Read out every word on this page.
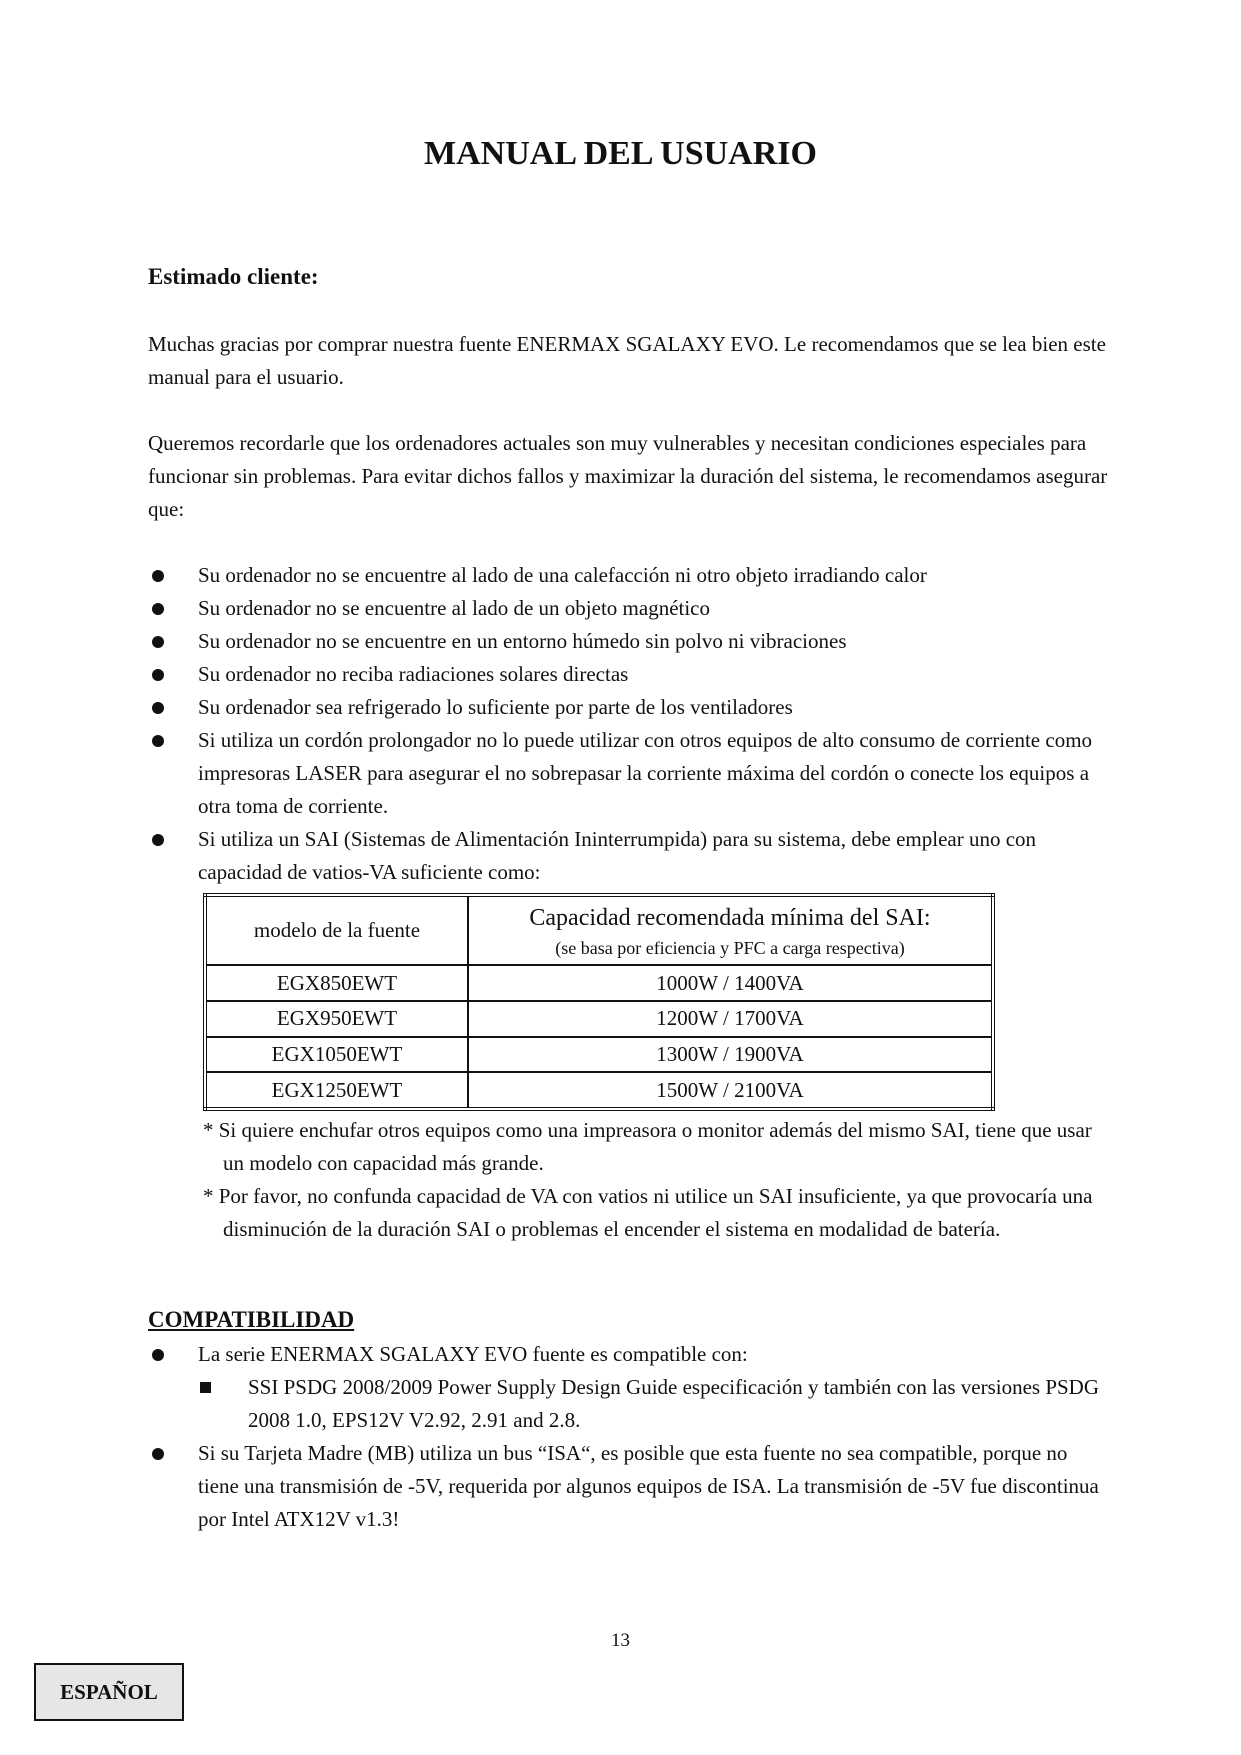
MANUAL DEL USUARIO
Estimado cliente:
Muchas gracias por comprar nuestra fuente ENERMAX SGALAXY EVO. Le recomendamos que se lea bien este manual para el usuario.
Queremos recordarle que los ordenadores actuales son muy vulnerables y necesitan condiciones especiales para funcionar sin problemas. Para evitar dichos fallos y maximizar la duración del sistema, le recomendamos asegurar que:
Su ordenador no se encuentre al lado de una calefacción ni otro objeto irradiando calor
Su ordenador no se encuentre al lado de un objeto magnético
Su ordenador no se encuentre en un entorno húmedo sin polvo ni vibraciones
Su ordenador no reciba radiaciones solares directas
Su ordenador sea refrigerado lo suficiente por parte de los ventiladores
Si utiliza un cordón prolongador no lo puede utilizar con otros equipos de alto consumo de corriente como impresoras LASER para asegurar el no sobrepasar la corriente máxima del cordón o conecte los equipos a otra toma de corriente.
Si utiliza un SAI (Sistemas de Alimentación Ininterrumpida) para su sistema, debe emplear uno con capacidad de vatios-VA suficiente como:
modelo de la fuente	Capacidad recomendada mínima del SAI:
(se basa por eficiencia y PFC a carga respectiva)

EGX850EWT	1000W / 1400VA
EGX950EWT	1200W / 1700VA
EGX1050EWT	1300W / 1900VA
EGX1250EWT	1500W / 2100VA
* Si quiere enchufar otros equipos como una impreasora o monitor además del mismo SAI, tiene que usar un modelo con capacidad más grande.
* Por favor, no confunda capacidad de VA con vatios ni utilice un SAI insuficiente, ya que provocaría una disminución de la duración SAI o problemas el encender el sistema en modalidad de batería.
COMPATIBILIDAD
La serie ENERMAX SGALAXY EVO fuente es compatible con:
SSI PSDG 2008/2009 Power Supply Design Guide especificación y también con las versiones PSDG 2008 1.0, EPS12V V2.92, 2.91 and 2.8.
Si su Tarjeta Madre (MB) utiliza un bus “ISA“, es posible que esta fuente no sea compatible, porque no tiene una transmisión de -5V, requerida por algunos equipos de ISA. La transmisión de -5V fue discontinua por Intel ATX12V v1.3!
13
ESPAÑOL
